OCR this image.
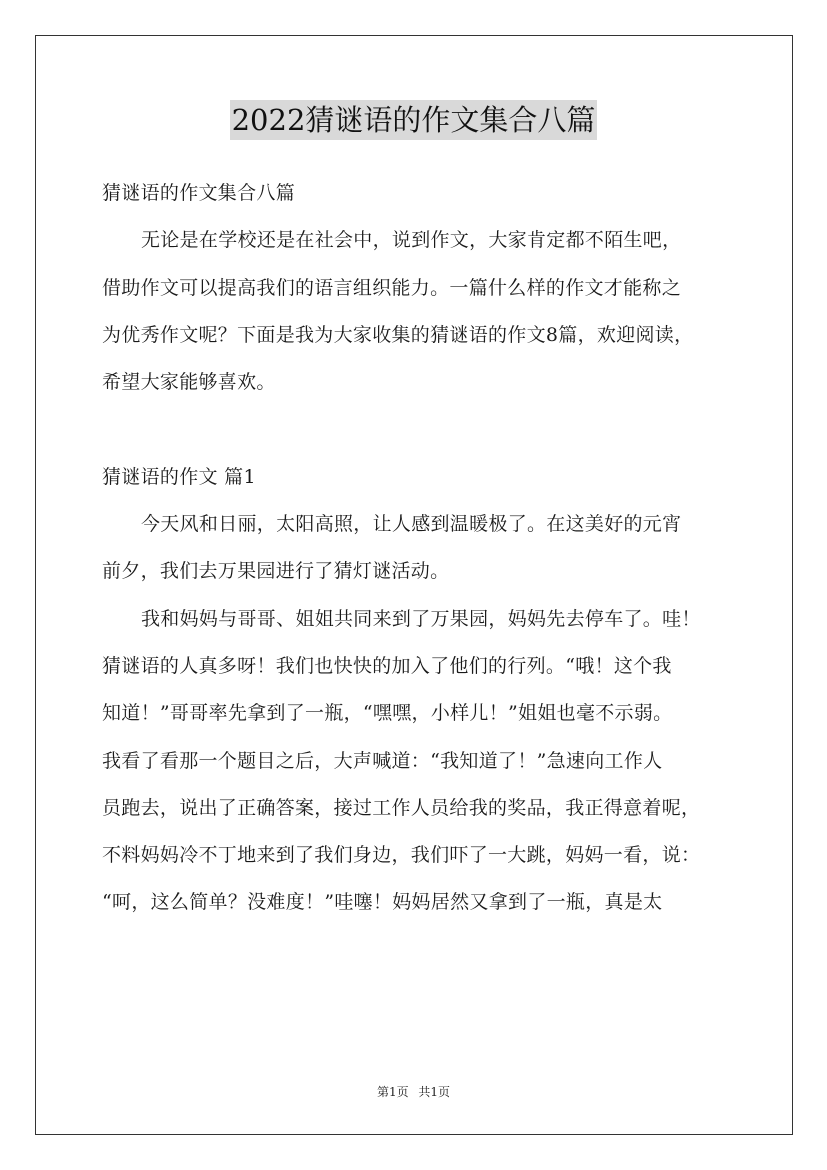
2022猜谜语的作文集合八篇
猜谜语的作文集合八篇
无论是在学校还是在社会中，说到作文，大家肯定都不陌生吧，
借助作文可以提高我们的语言组织能力。一篇什么样的作文才能称之
为优秀作文呢？下面是我为大家收集的猜谜语的作文8篇，欢迎阅读，
希望大家能够喜欢。
猜谜语的作文 篇1
今天风和日丽，太阳高照，让人感到温暖极了。在这美好的元宵
前夕，我们去万果园进行了猜灯谜活动。
我和妈妈与哥哥、姐姐共同来到了万果园，妈妈先去停车了。哇！
猜谜语的人真多呀！我们也快快的加入了他们的行列。“哦！这个我
知道！”哥哥率先拿到了一瓶，“嘿嘿，小样儿！”姐姐也毫不示弱。
我看了看那一个题目之后，大声喊道：“我知道了！”急速向工作人
员跑去，说出了正确答案，接过工作人员给我的奖品，我正得意着呢，
不料妈妈冷不丁地来到了我们身边，我们吓了一大跳，妈妈一看，说：
“呵，这么简单？没难度！”哇噻！妈妈居然又拿到了一瓶，真是太
第1页 共1页
